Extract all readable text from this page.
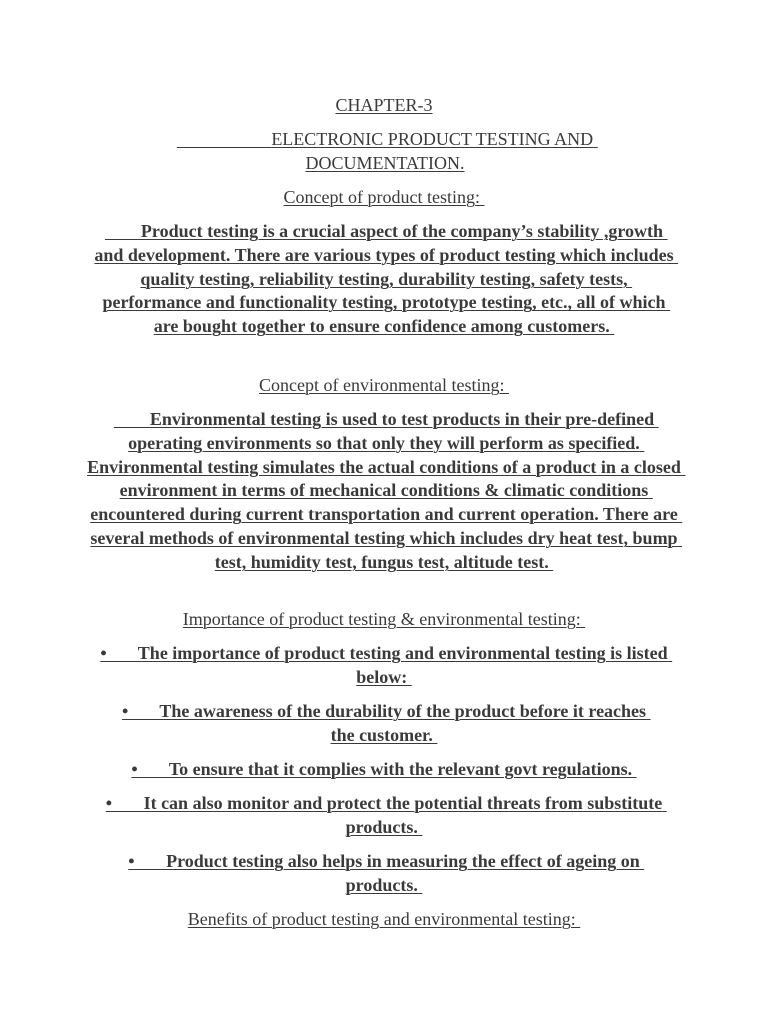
CHAPTER-3
ELECTRONIC PRODUCT TESTING AND DOCUMENTATION.
Concept of product testing:
Product testing is a crucial aspect of the company’s stability ,growth and development. There are various types of product testing which includes quality testing, reliability testing, durability testing, safety tests, performance and functionality testing, prototype testing, etc., all of which are bought together to ensure confidence among customers.
Concept of environmental testing:
Environmental testing is used to test products in their pre-defined operating environments so that only they will perform as specified. Environmental testing simulates the actual conditions of a product in a closed environment in terms of mechanical conditions & climatic conditions encountered during current transportation and current operation. There are several methods of environmental testing which includes dry heat test, bump test, humidity test, fungus test, altitude test.
Importance of product testing & environmental testing:
•       The importance of product testing and environmental testing is listed below:
•       The awareness of the durability of the product before it reaches the customer.
•       To ensure that it complies with the relevant govt regulations.
•       It can also monitor and protect the potential threats from substitute products.
•       Product testing also helps in measuring the effect of ageing on products.
Benefits of product testing and environmental testing:
